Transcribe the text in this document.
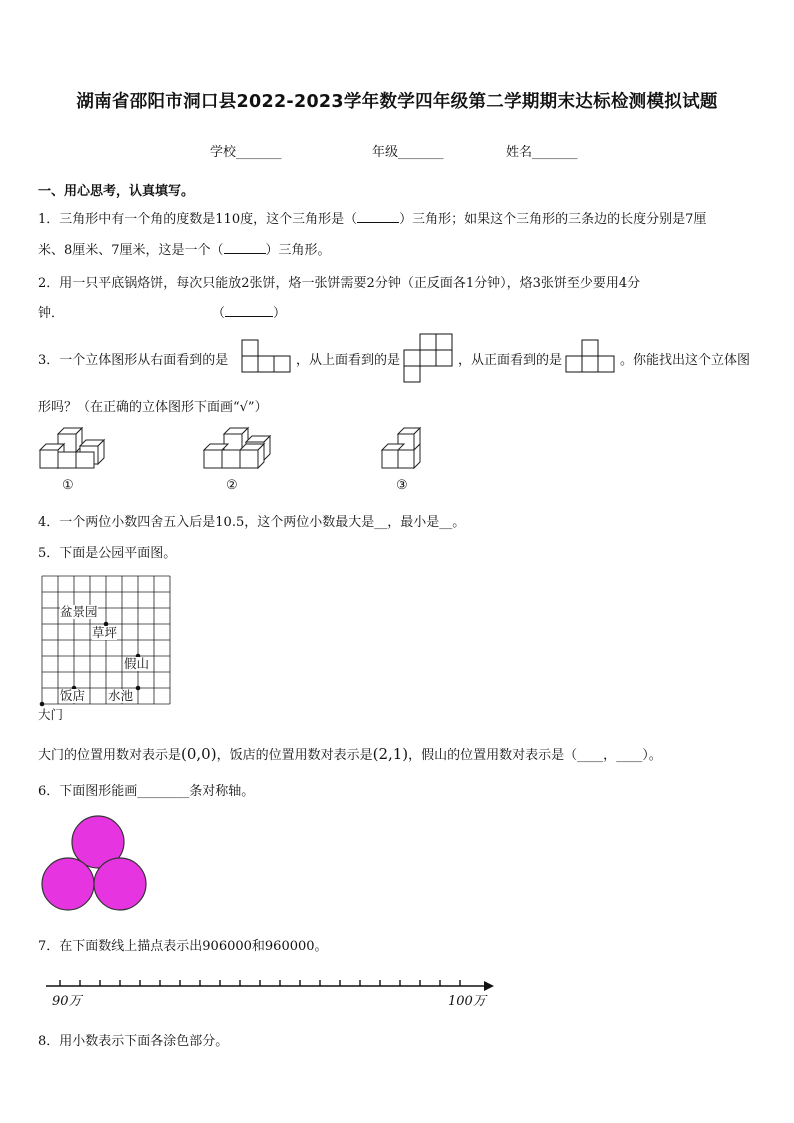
湖南省邵阳市洞口县2022-2023学年数学四年级第二学期期末达标检测模拟试题
学校_______	年级_______	姓名_______
一、用心思考，认真填写。
1．三角形中有一个角的度数是110度，这个三角形是（	）三角形；如果这个三角形的三条边的长度分别是7厘
米、8厘米、7厘米，这是一个（	）三角形。
2．用一只平底锅烙饼，每次只能放2张饼，烙一张饼需要2分钟（正反面各1分钟），烙3张饼至少要用4分
钟．	（	）
3．一个立体图形从右面看到的是	，从上面看到的是	，从正面看到的是	。你能找出这个立体图
形吗？（在正确的立体图形下面画“√”）
①	②	③
4．一个两位小数四舍五入后是10.5，这个两位小数最大是__，最小是__。
5．下面是公园平面图。
盆景园
草坪
假山
饭店 水池
大门
大门的位置用数对表示是(0,0)，饭店的位置用数对表示是(2,1)，假山的位置用数对表示是（____，____）。
6．下面图形能画________条对称轴。
7．在下面数线上描点表示出906000和960000。
90万	100万
8．用小数表示下面各涂色部分。
